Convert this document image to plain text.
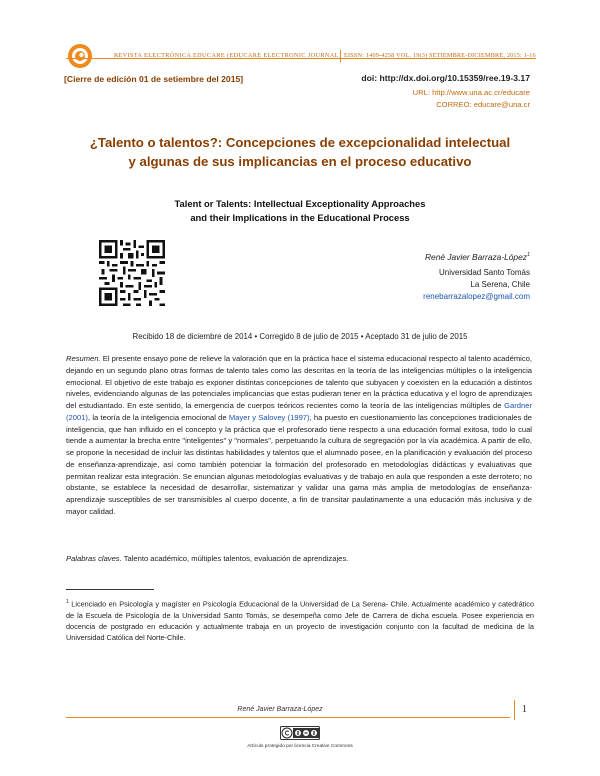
REVISTA ELECTRÓNICA EDUCARE (EDUCARE ELECTRONIC JOURNAL) EISSN: 1409-4258 VOL. 19(3) SETIEMBRE-DICIEMBRE, 2015: 1-16
[Cierre de edición 01 de setiembre del 2015]	doi: http://dx.doi.org/10.15359/ree.19-3.17
URL: http://www.una.ac.cr/educare
CORREO: educare@una.cr
¿Talento o talentos?: Concepciones de excepcionalidad intelectual
y algunas de sus implicancias en el proceso educativo
Talent or Talents: Intellectual Exceptionality Approaches
and their Implications in the Educational Process
René Javier Barraza-López$^1$
Universidad Santo Tomás
La Serena, Chile
renebarrazalopez@gmail.com
Recibido 18 de diciembre de 2014 • Corregido 8 de julio de 2015 • Aceptado 31 de julio de 2015

Resumen. El presente ensayo pone de relieve la valoración que en la práctica hace el sistema educacional respecto al talento académico, dejando en un segundo plano otras formas de talento tales como las descritas en la teoría de las inteligencias múltiples o la inteligencia emocional. El objetivo de este trabajo es exponer distintas concepciones de talento que subyacen y coexisten en la educación a distintos niveles, evidenciando algunas de las potenciales implicancias que estas pudieran tener en la práctica educativa y el logro de aprendizajes del estudiantado. En este sentido, la emergencia de cuerpos teóricos recientes como la teoría de las inteligencias múltiples de Gardner (2001), la teoría de la inteligencia emocional de Mayer y Salovey (1997), ha puesto en cuestionamiento las concepciones tradicionales de inteligencia, que han influido en el concepto y la práctica que el profesorado tiene respecto a una educación formal exitosa, todo lo cual tiende a aumentar la brecha entre "inteligentes" y "normales", perpetuando la cultura de segregación por la vía académica. A partir de ello, se propone la necesidad de incluir las distintas habilidades y talentos que el alumnado posee, en la planificación y evaluación del proceso de enseñanza-aprendizaje, así como también potenciar la formación del profesorado en metodologías didácticas y evaluativas que permitan realizar esta integración. Se enuncian algunas metodologías evaluativas y de trabajo en aula que responden a este derrotero; no obstante, se establece la necesidad de desarrollar, sistematizar y validar una gama más amplia de metodologías de enseñanza-aprendizaje susceptibles de ser transmisibles al cuerpo docente, a fin de transitar paulatinamente a una educación más inclusiva y de mayor calidad.

Palabras claves. Talento académico, múltiples talentos, evaluación de aprendizajes.
$^1$ Licenciado en Psicología y magíster en Psicología Educacional de la Universidad de La Serena- Chile. Actualmente académico y catedrático de la Escuela de Psicología de la Universidad Santo Tomás, se desempeña como Jefe de Carrera de dicha escuela. Posee experiencia en docencia de postgrado en educación y actualmente trabaja en un proyecto de investigación conjunto con la facultad de medicina de la Universidad Católica del Norte-Chile.
René Javier Barraza-López	1
Artículo protegido por licencia Creative Commons
